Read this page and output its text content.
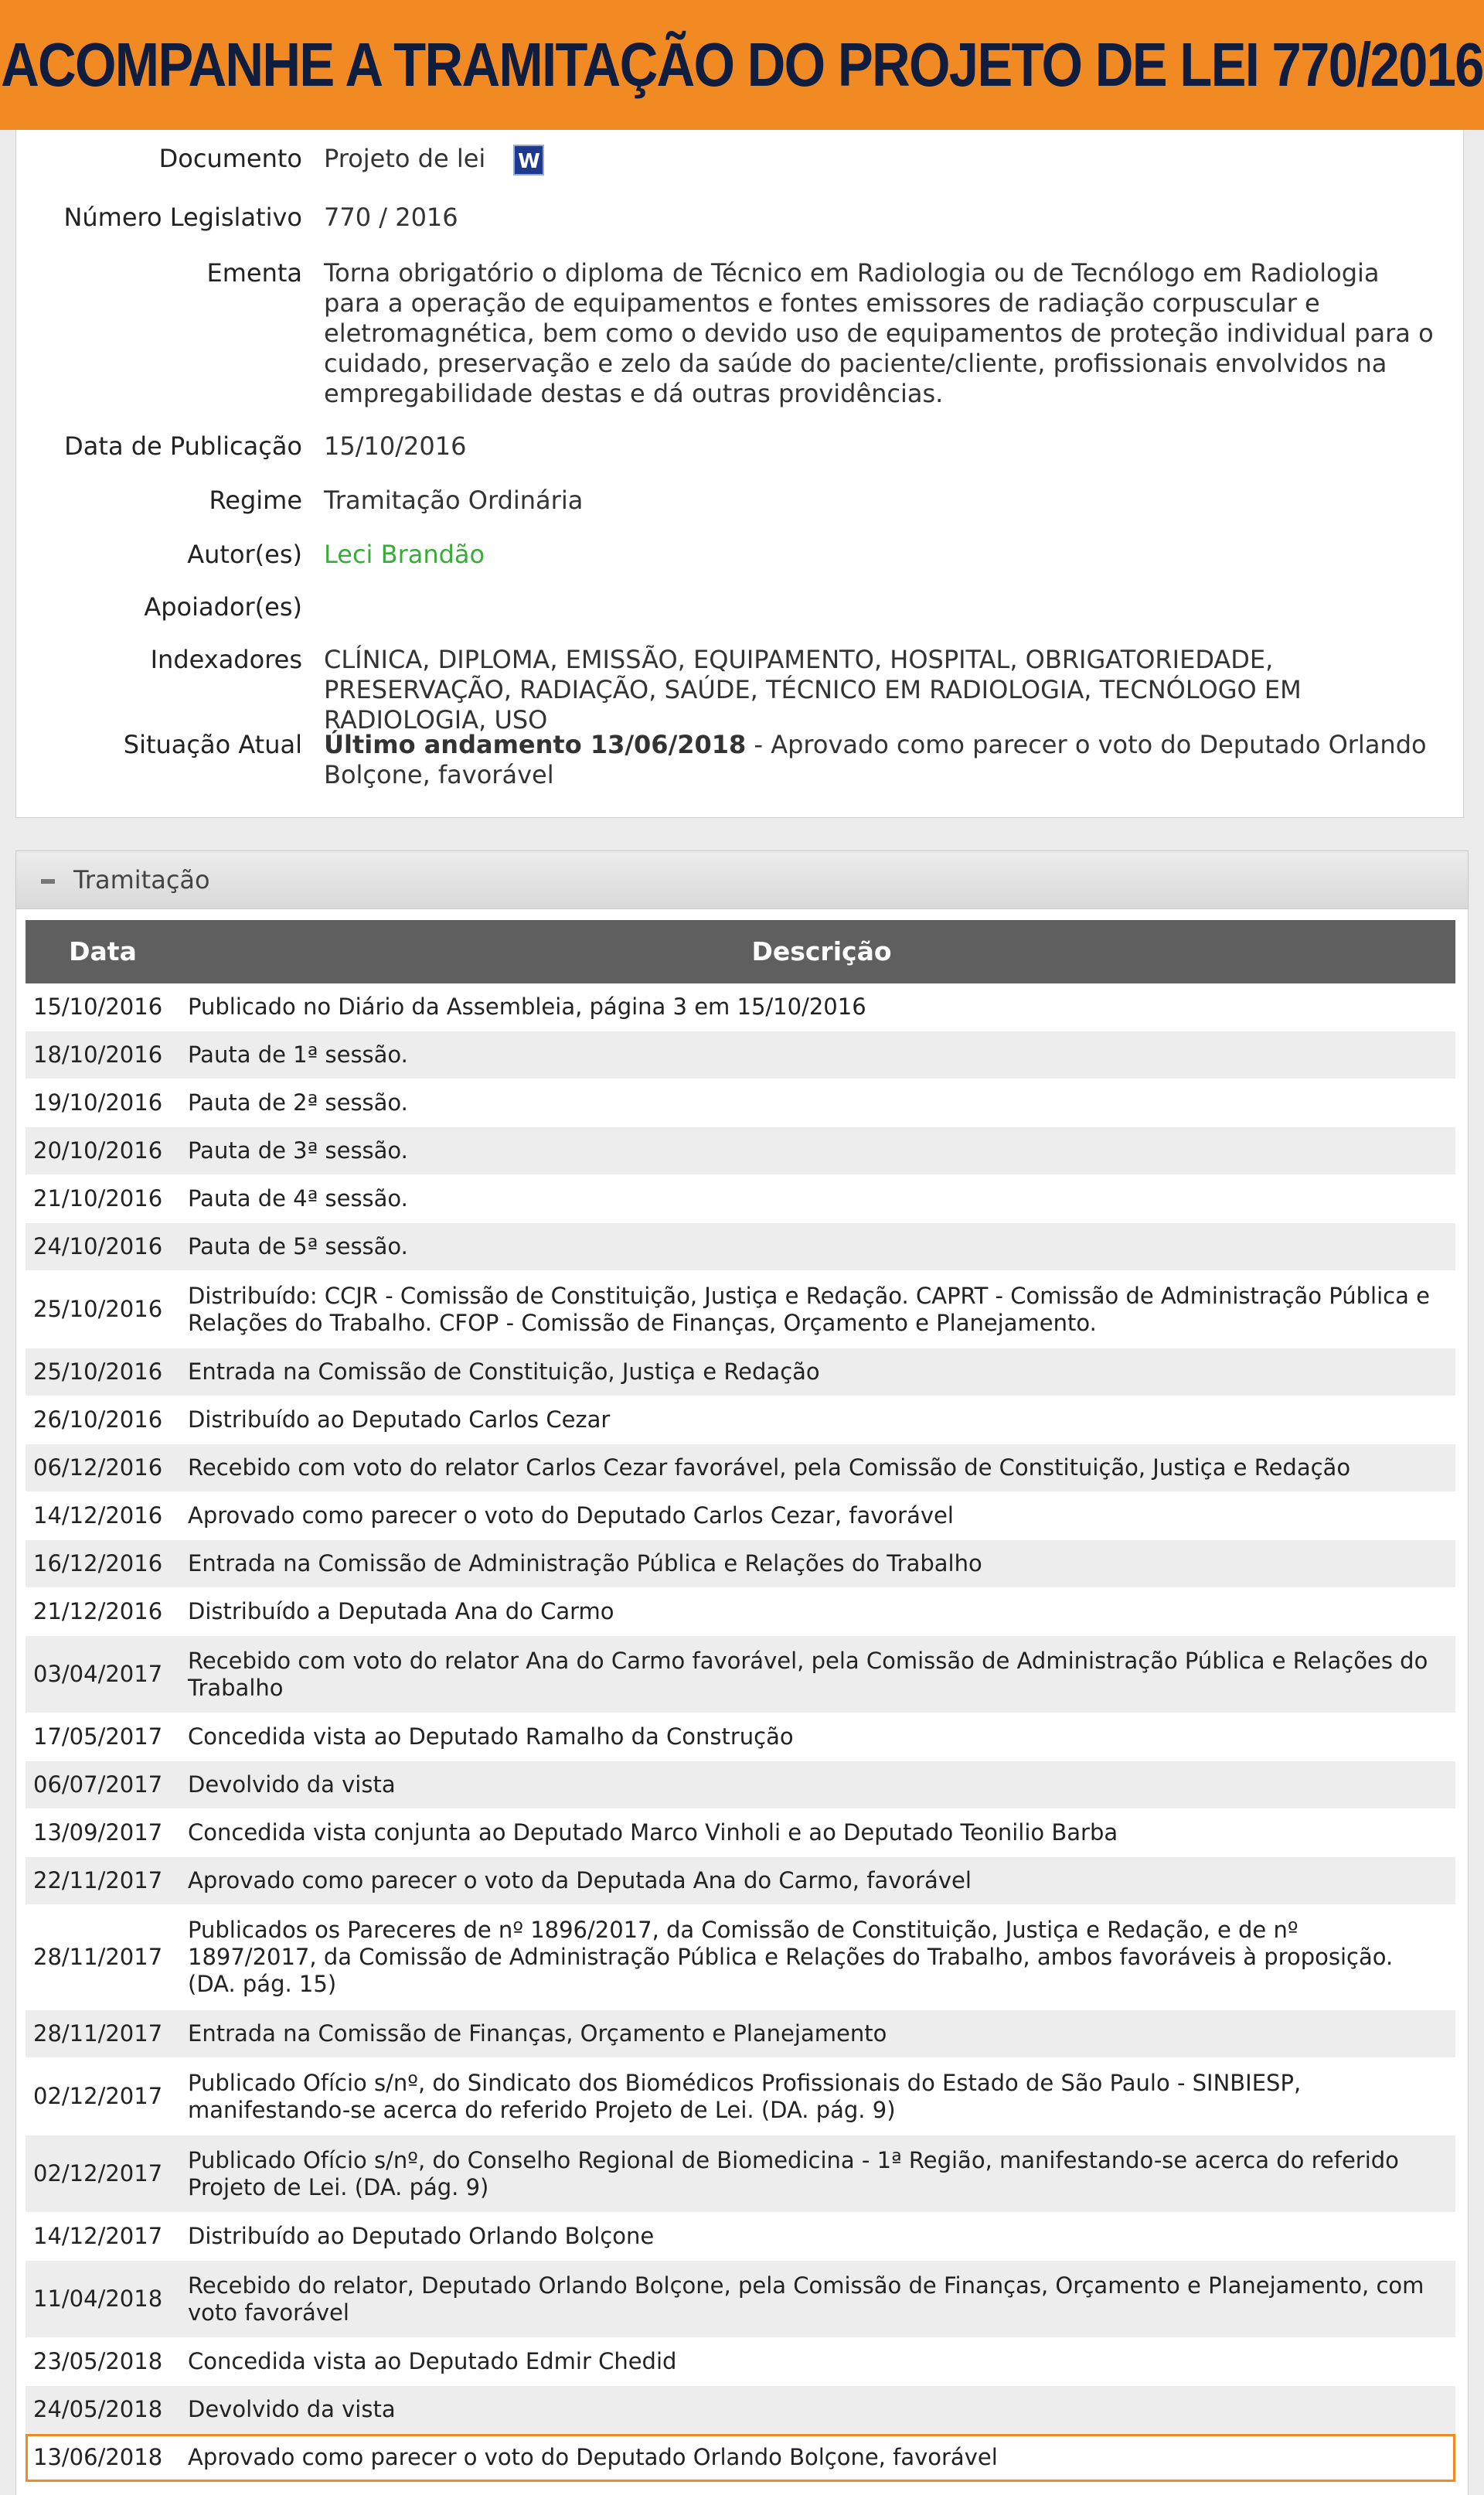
ACOMPANHE A TRAMITAÇÃO DO PROJETO DE LEI 770/2016
Documento Projeto de lei W
Número Legislativo 770 / 2016
Ementa Torna obrigatório o diploma de Técnico em Radiologia ou de Tecnólogo em Radiologia para a operação de equipamentos e fontes emissores de radiação corpuscular e eletromagnética, bem como o devido uso de equipamentos de proteção individual para o cuidado, preservação e zelo da saúde do paciente/cliente, profissionais envolvidos na empregabilidade destas e dá outras providências.
Data de Publicação 15/10/2016
Regime Tramitação Ordinária
Autor(es) Leci Brandão
Apoiador(es)
Indexadores CLÍNICA, DIPLOMA, EMISSÃO, EQUIPAMENTO, HOSPITAL, OBRIGATORIEDADE, PRESERVAÇÃO, RADIAÇÃO, SAÚDE, TÉCNICO EM RADIOLOGIA, TECNÓLOGO EM RADIOLOGIA, USO
Situação Atual Último andamento 13/06/2018 - Aprovado como parecer o voto do Deputado Orlando Bolçone, favorável
Tramitação
Data	Descrição
15/10/2016	Publicado no Diário da Assembleia, página 3 em 15/10/2016
18/10/2016	Pauta de 1ª sessão.
19/10/2016	Pauta de 2ª sessão.
20/10/2016	Pauta de 3ª sessão.
21/10/2016	Pauta de 4ª sessão.
24/10/2016	Pauta de 5ª sessão.
25/10/2016
Distribuído: CCJR - Comissão de Constituição, Justiça e Redação. CAPRT - Comissão de Administração Pública e Relações do Trabalho. CFOP - Comissão de Finanças, Orçamento e Planejamento.
25/10/2016	Entrada na Comissão de Constituição, Justiça e Redação
26/10/2016	Distribuído ao Deputado Carlos Cezar
06/12/2016	Recebido com voto do relator Carlos Cezar favorável, pela Comissão de Constituição, Justiça e Redação
14/12/2016	Aprovado como parecer o voto do Deputado Carlos Cezar, favorável
16/12/2016	Entrada na Comissão de Administração Pública e Relações do Trabalho
21/12/2016	Distribuído a Deputada Ana do Carmo
03/04/2017
Recebido com voto do relator Ana do Carmo favorável, pela Comissão de Administração Pública e Relações do Trabalho
17/05/2017	Concedida vista ao Deputado Ramalho da Construção
06/07/2017	Devolvido da vista
13/09/2017	Concedida vista conjunta ao Deputado Marco Vinholi e ao Deputado Teonilio Barba
22/11/2017	Aprovado como parecer o voto da Deputada Ana do Carmo, favorável
28/11/2017
Publicados os Pareceres de nº 1896/2017, da Comissão de Constituição, Justiça e Redação, e de nº 1897/2017, da Comissão de Administração Pública e Relações do Trabalho, ambos favoráveis à proposição. (DA. pág. 15)
28/11/2017	Entrada na Comissão de Finanças, Orçamento e Planejamento
02/12/2017
Publicado Ofício s/nº, do Sindicato dos Biomédicos Profissionais do Estado de São Paulo - SINBIESP, manifestando-se acerca do referido Projeto de Lei. (DA. pág. 9)
02/12/2017
Publicado Ofício s/nº, do Conselho Regional de Biomedicina - 1ª Região, manifestando-se acerca do referido Projeto de Lei. (DA. pág. 9)
14/12/2017	Distribuído ao Deputado Orlando Bolçone
11/04/2018
Recebido do relator, Deputado Orlando Bolçone, pela Comissão de Finanças, Orçamento e Planejamento, com voto favorável
23/05/2018	Concedida vista ao Deputado Edmir Chedid
24/05/2018	Devolvido da vista
13/06/2018	Aprovado como parecer o voto do Deputado Orlando Bolçone, favorável
